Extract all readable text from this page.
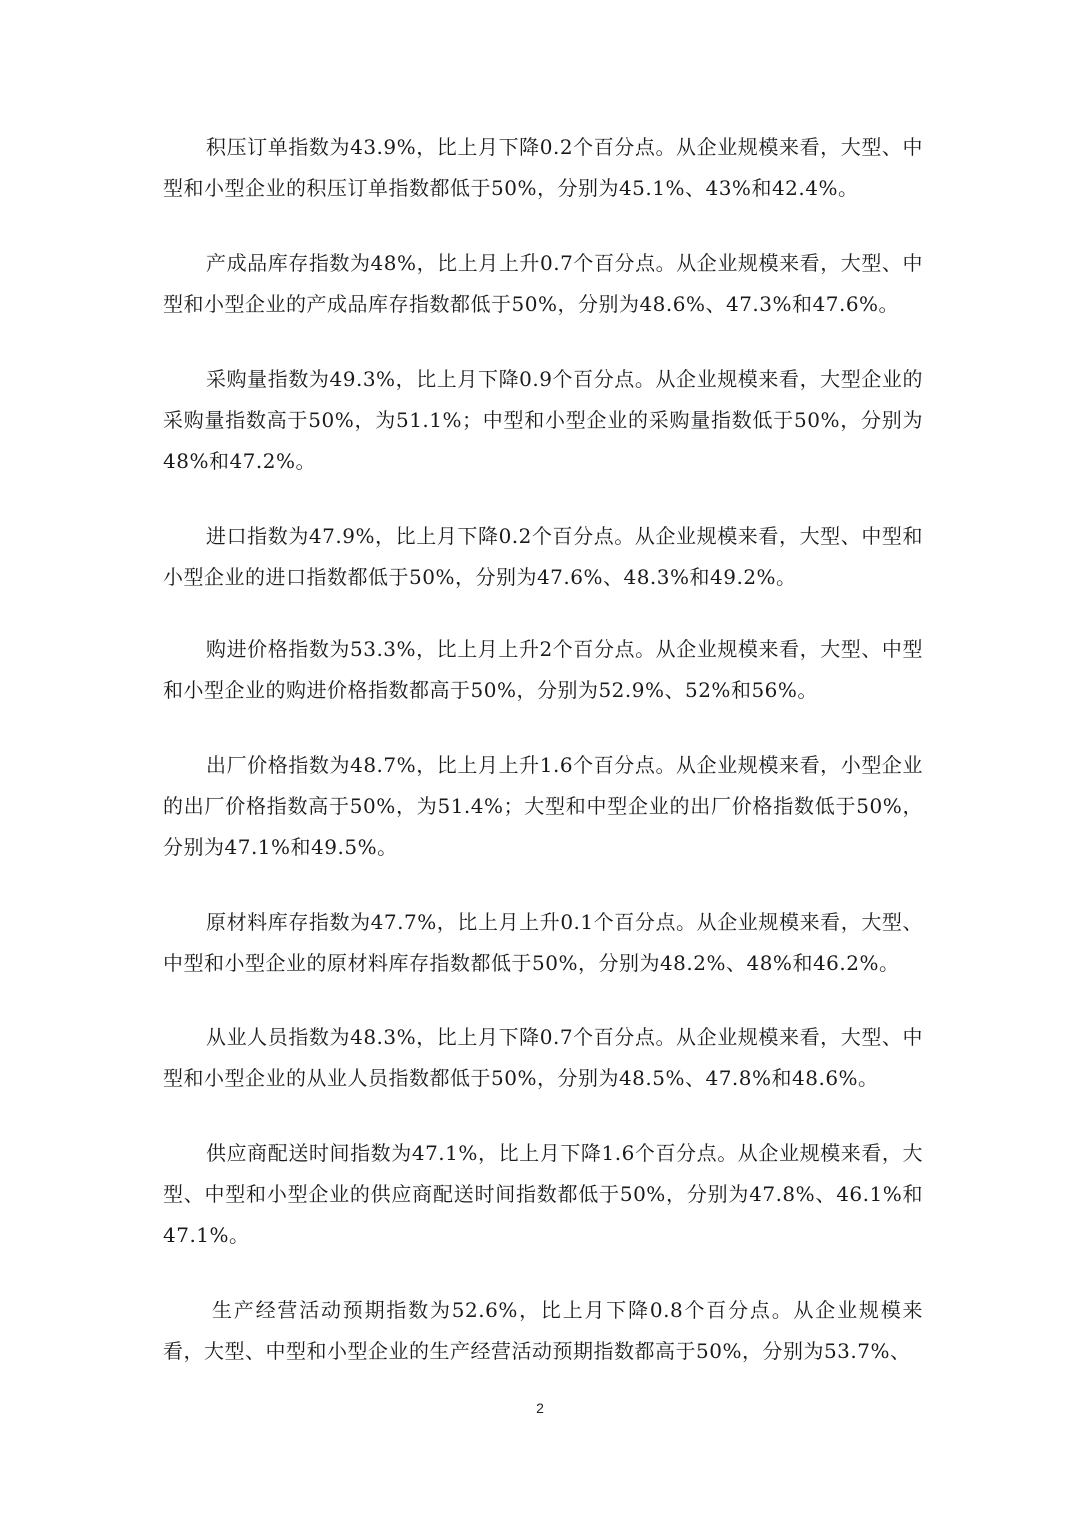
积压订单指数为43.9%，比上月下降0.2个百分点。从企业规模来看，大型、中型和小型企业的积压订单指数都低于50%，分别为45.1%、43%和42.4%。

产成品库存指数为48%，比上月上升0.7个百分点。从企业规模来看，大型、中型和小型企业的产成品库存指数都低于50%，分别为48.6%、47.3%和47.6%。

采购量指数为49.3%，比上月下降0.9个百分点。从企业规模来看，大型企业的采购量指数高于50%，为51.1%；中型和小型企业的采购量指数低于50%，分别为48%和47.2%。

进口指数为47.9%，比上月下降0.2个百分点。从企业规模来看，大型、中型和小型企业的进口指数都低于50%，分别为47.6%、48.3%和49.2%。

购进价格指数为53.3%，比上月上升2个百分点。从企业规模来看，大型、中型和小型企业的购进价格指数都高于50%，分别为52.9%、52%和56%。

出厂价格指数为48.7%，比上月上升1.6个百分点。从企业规模来看，小型企业的出厂价格指数高于50%，为51.4%；大型和中型企业的出厂价格指数低于50%，分别为47.1%和49.5%。

原材料库存指数为47.7%，比上月上升0.1个百分点。从企业规模来看，大型、中型和小型企业的原材料库存指数都低于50%，分别为48.2%、48%和46.2%。

从业人员指数为48.3%，比上月下降0.7个百分点。从企业规模来看，大型、中型和小型企业的从业人员指数都低于50%，分别为48.5%、47.8%和48.6%。

供应商配送时间指数为47.1%，比上月下降1.6个百分点。从企业规模来看，大型、中型和小型企业的供应商配送时间指数都低于50%，分别为47.8%、46.1%和47.1%。

生产经营活动预期指数为52.6%，比上月下降0.8个百分点。从企业规模来看，大型、中型和小型企业的生产经营活动预期指数都高于50%，分别为53.7%、

2
